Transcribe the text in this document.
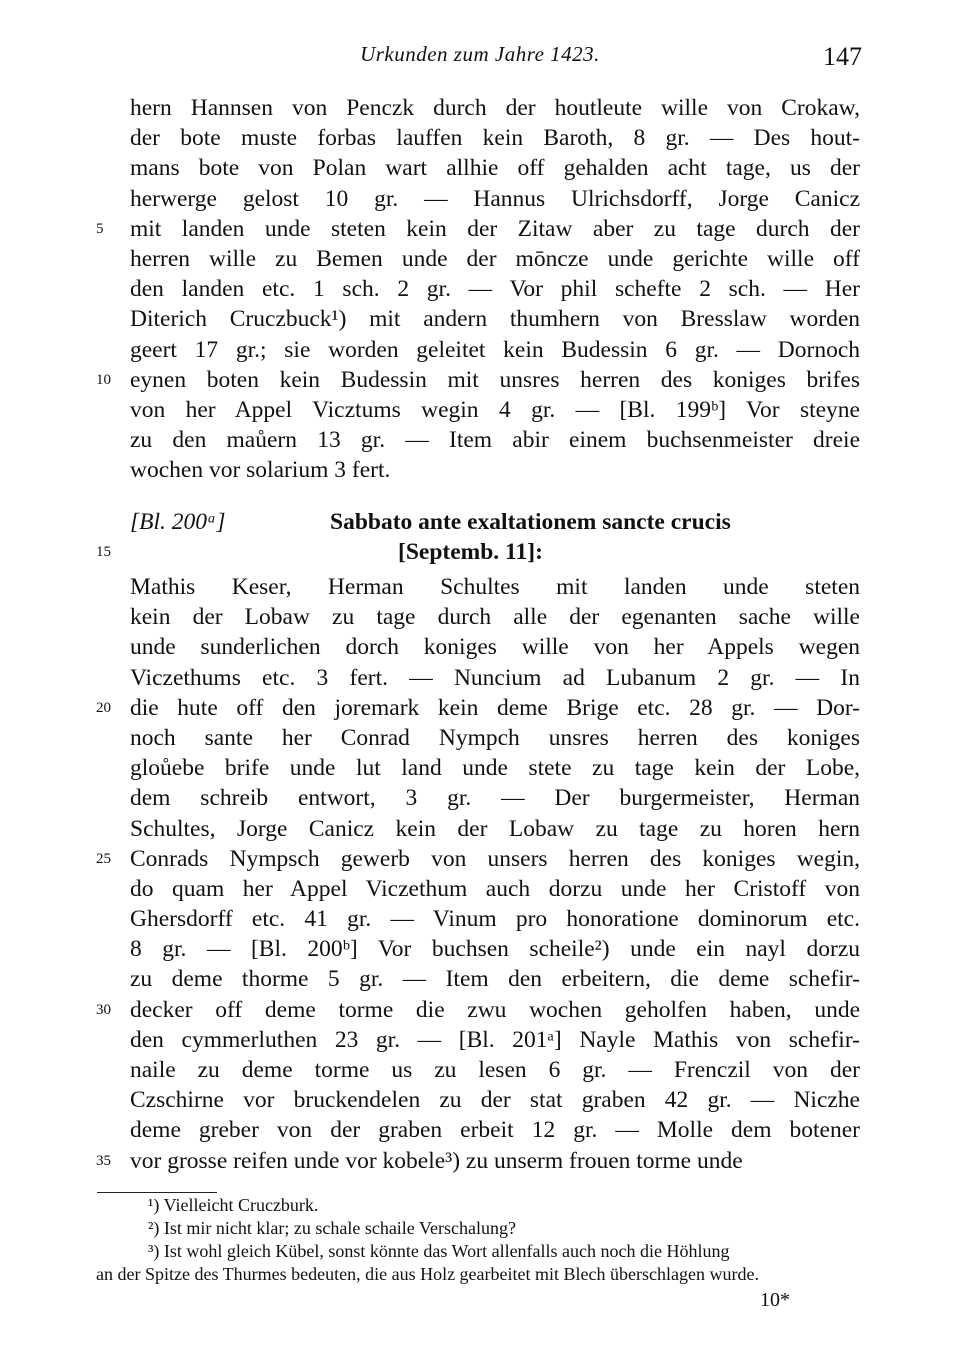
Urkunden zum Jahre 1423.	147
hern Hannsen von Penczk durch der houtleute wille von Crokaw,
der bote muste forbas lauffen kein Baroth, 8 gr. — Des hout-
mans bote von Polan wart allhie off gehalden acht tage, us der
herwerge gelost 10 gr. — Hannus Ulrichsdorff, Jorge Canicz
5	mit landen unde steten kein der Zitaw aber zu tage durch der
herren wille zu Bemen unde der mōncze unde gerichte wille off
den landen etc. 1 sch. 2 gr. — Vor phil schefte 2 sch. — Her
Diterich Cruczbuck¹) mit andern thumhern von Bresslaw worden
geert 17 gr.; sie worden geleitet kein Budessin 6 gr. — Dornoch
10 eynen boten kein Budessin mit unsres herren des koniges brifes
von her Appel Vicztums wegin 4 gr. — [Bl. 199ᵇ] Vor steyne
zu den maůern 13 gr. — Item abir einem buchsenmeister dreie
wochen vor solarium 3 fert.
[Bl. 200ᵃ]	Sabbato ante exaltationem sancte crucis
15	[Septemb. 11]:
Mathis Keser, Herman Schultes mit landen unde steten
kein der Lobaw zu tage durch alle der egenanten sache wille
unde sunderlichen dorch koniges wille von her Appels wegen
Viczethums etc. 3 fert. — Nuncium ad Lubanum 2 gr. — In
20 die hute off den joremark kein deme Brige etc. 28 gr. — Dor-
noch sante her Conrad Nympch unsres herren des koniges
gloůebe brife unde lut land unde stete zu tage kein der Lobe,
dem schreib entwort, 3 gr. — Der burgermeister, Herman
Schultes, Jorge Canicz kein der Lobaw zu tage zu horen hern
25 Conrads Nympsch gewerb von unsers herren des koniges wegin,
do quam her Appel Viczethum auch dorzu unde her Cristoff von
Ghersdorff etc. 41 gr. — Vinum pro honoratione dominorum etc.
8 gr. — [Bl. 200ᵇ] Vor buchsen scheile²) unde ein nayl dorzu
zu deme thorme 5 gr. — Item den erbeitern, die deme schefir-
30 decker off deme torme die zwu wochen geholfen haben, unde
den cymmerluthen 23 gr. — [Bl. 201ᵃ] Nayle Mathis von schefir-
naile zu deme torme us zu lesen 6 gr. — Frenczil von der
Czschirne vor bruckendelen zu der stat graben 42 gr. — Niczhe
deme greber von der graben erbeit 12 gr. — Molle dem botener
35 vor grosse reifen unde vor kobele³) zu unserm frouen torme unde
¹) Vielleicht Cruczburk.
²) Ist mir nicht klar; zu schale schaile Verschalung?
³) Ist wohl gleich Kübel, sonst könnte das Wort allenfalls auch noch die Höhlung
an der Spitze des Thurmes bedeuten, die aus Holz gearbeitet mit Blech überschlagen wurde.
10*
